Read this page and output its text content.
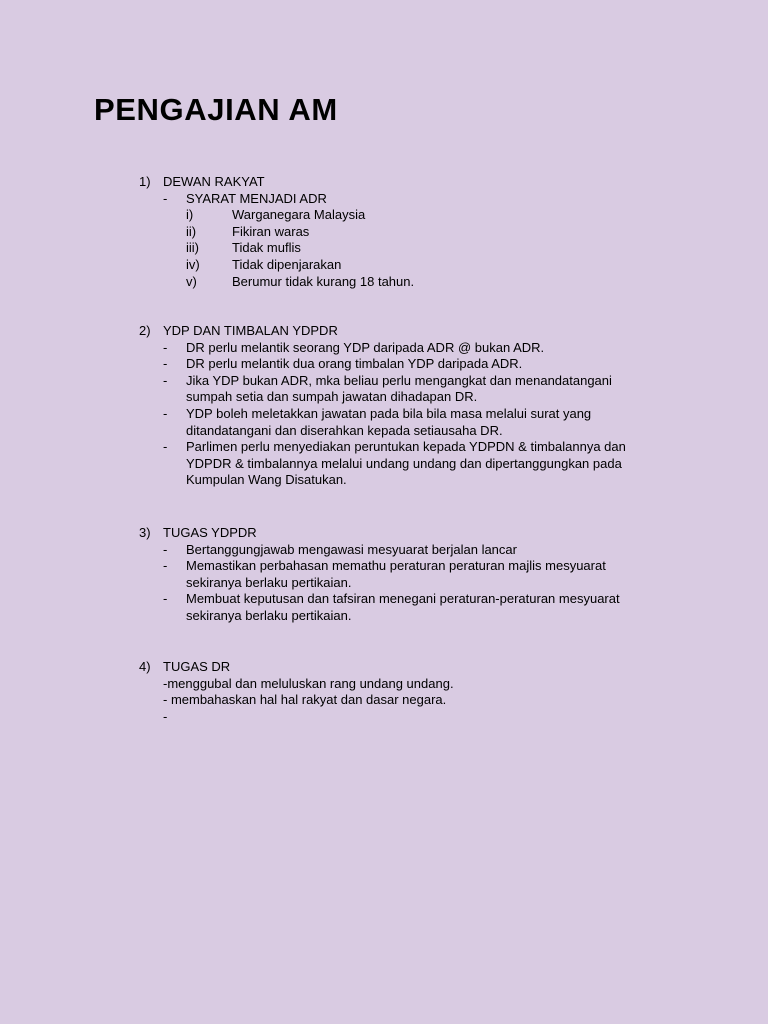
PENGAJIAN AM
1) DEWAN RAKYAT
- SYARAT MENJADI ADR
i)	Warganegara Malaysia
ii)	Fikiran waras
iii)	Tidak muflis
iv) Tidak dipenjarakan
v)	Berumur tidak kurang 18 tahun.
2) YDP DAN TIMBALAN YDPDR
- DR perlu melantik seorang YDP daripada ADR @ bukan ADR.
- DR perlu melantik dua orang timbalan YDP daripada ADR.
- Jika YDP bukan ADR, mka beliau perlu mengangkat dan menandatangani
sumpah setia dan sumpah jawatan dihadapan DR.
- YDP boleh meletakkan jawatan pada bila bila masa melalui surat yang
ditandatangani dan diserahkan kepada setiausaha DR.
- Parlimen perlu menyediakan peruntukan kepada YDPDN & timbalannya dan
YDPDR & timbalannya melalui undang undang dan dipertanggungkan pada
Kumpulan Wang Disatukan.
3) TUGAS YDPDR
- Bertanggungjawab mengawasi mesyuarat berjalan lancar
- Memastikan perbahasan memathu peraturan peraturan majlis mesyuarat
sekiranya berlaku pertikaian.
- Membuat keputusan dan tafsiran menegani peraturan-peraturan mesyuarat
sekiranya berlaku pertikaian.
4) TUGAS DR
-menggubal dan meluluskan rang undang undang.
- membahaskan hal hal rakyat dan dasar negara.
-
